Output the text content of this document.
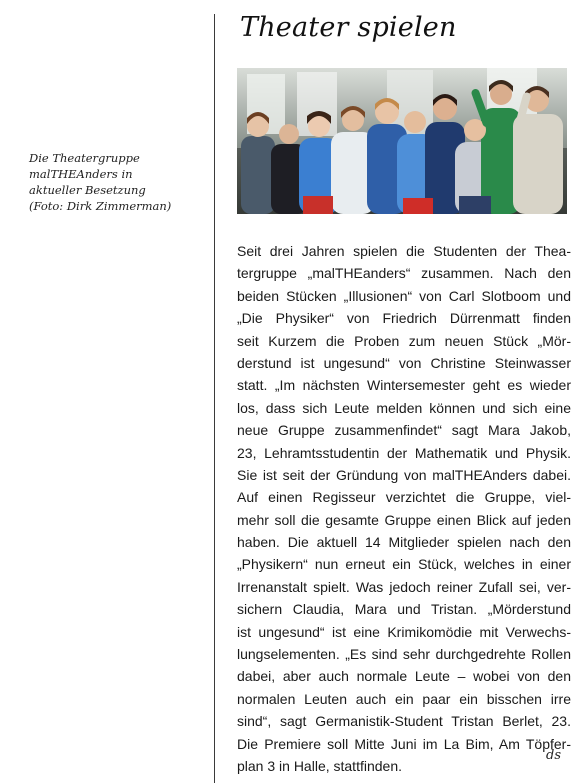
Die Theatergruppe
malTHEAnders in
aktueller Besetzung
(Foto: Dirk Zimmerman)

Theater spielen
Seit drei Jahren spielen die Studenten der Thea-
tergruppe „malTHEanders“ zusammen. Nach den
beiden Stücken „Illusionen“ von Carl Slotboom und
„Die Physiker“ von Friedrich Dürrenmatt finden
seit Kurzem die Proben zum neuen Stück „Mör-
derstund ist ungesund“ von Christine Steinwasser
statt. „Im nächsten Wintersemester geht es wieder
los, dass sich Leute melden können und sich eine
neue Gruppe zusammenfindet“ sagt Mara Jakob,
23, Lehramtsstudentin der Mathematik und Physik.
Sie ist seit der Gründung von malTHEAnders dabei.
Auf einen Regisseur verzichtet die Gruppe, viel-
mehr soll die gesamte Gruppe einen Blick auf jeden
haben. Die aktuell 14 Mitglieder spielen nach den
„Physikern“ nun erneut ein Stück, welches in einer
Irrenanstalt spielt. Was jedoch reiner Zufall sei, ver-
sichern Claudia, Mara und Tristan. „Mörderstund
ist ungesund“ ist eine Krimikomödie mit Verwechs-
lungselementen. „Es sind sehr durchgedrehte Rollen
dabei, aber auch normale Leute – wobei von den
normalen Leuten auch ein paar ein bisschen irre
sind“, sagt Germanistik-Student Tristan Berlet, 23.
Die Premiere soll Mitte Juni im La Bim, Am Töpfer-
plan 3 in Halle, stattfinden.
ds
